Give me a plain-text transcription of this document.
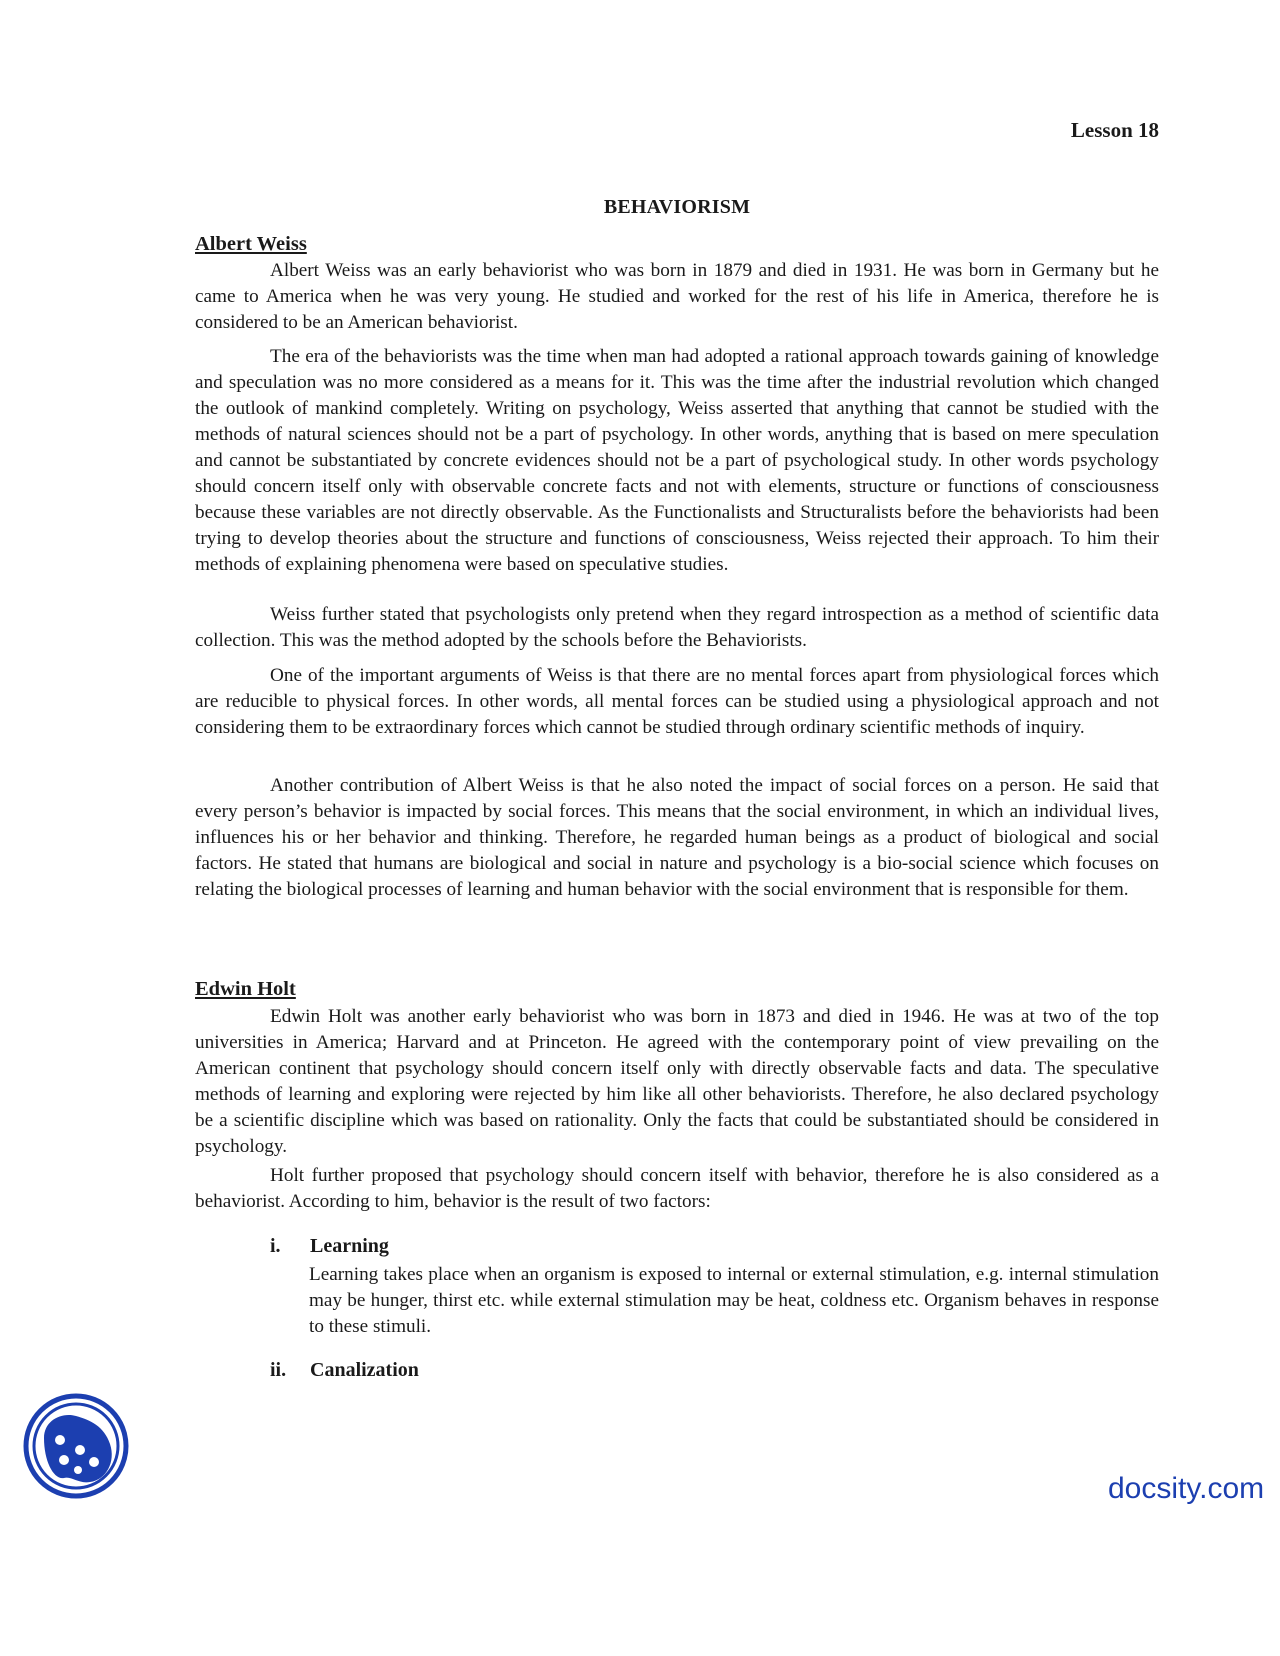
Lesson 18
BEHAVIORISM
Albert Weiss

Albert Weiss was an early behaviorist who was born in 1879 and died in 1931. He was born in Germany but he came to America when he was very young. He studied and worked for the rest of his life in America, therefore he is considered to be an American behaviorist.

The era of the behaviorists was the time when man had adopted a rational approach towards gaining of knowledge and speculation was no more considered as a means for it. This was the time after the industrial revolution which changed the outlook of mankind completely. Writing on psychology, Weiss asserted that anything that cannot be studied with the methods of natural sciences should not be a part of psychology. In other words, anything that is based on mere speculation and cannot be substantiated by concrete evidences should not be a part of psychological study. In other words psychology should concern itself only with observable concrete facts and not with elements, structure or functions of consciousness because these variables are not directly observable. As the Functionalists and Structuralists before the behaviorists had been trying to develop theories about the structure and functions of consciousness, Weiss rejected their approach. To him their methods of explaining phenomena were based on speculative studies.

Weiss further stated that psychologists only pretend when they regard introspection as a method of scientific data collection. This was the method adopted by the schools before the Behaviorists.

One of the important arguments of Weiss is that there are no mental forces apart from physiological forces which are reducible to physical forces. In other words, all mental forces can be studied using a physiological approach and not considering them to be extraordinary forces which cannot be studied through ordinary scientific methods of inquiry.

Another contribution of Albert Weiss is that he also noted the impact of social forces on a person. He said that every person’s behavior is impacted by social forces. This means that the social environment, in which an individual lives, influences his or her behavior and thinking. Therefore, he regarded human beings as a product of biological and social factors. He stated that humans are biological and social in nature and psychology is a bio-social science which focuses on relating the biological processes of learning and human behavior with the social environment that is responsible for them.

Edwin Holt

Edwin Holt was another early behaviorist who was born in 1873 and died in 1946. He was at two of the top universities in America; Harvard and at Princeton. He agreed with the contemporary point of view prevailing on the American continent that psychology should concern itself only with directly observable facts and data. The speculative methods of learning and exploring were rejected by him like all other behaviorists. Therefore, he also declared psychology be a scientific discipline which was based on rationality. Only the facts that could be substantiated should be considered in psychology.

Holt further proposed that psychology should concern itself with behavior, therefore he is also considered as a behaviorist. According to him, behavior is the result of two factors:

i. Learning

Learning takes place when an organism is exposed to internal or external stimulation, e.g. internal stimulation may be hunger, thirst etc. while external stimulation may be heat, coldness etc. Organism behaves in response to these stimuli.

ii. Canalization
docsity.com
